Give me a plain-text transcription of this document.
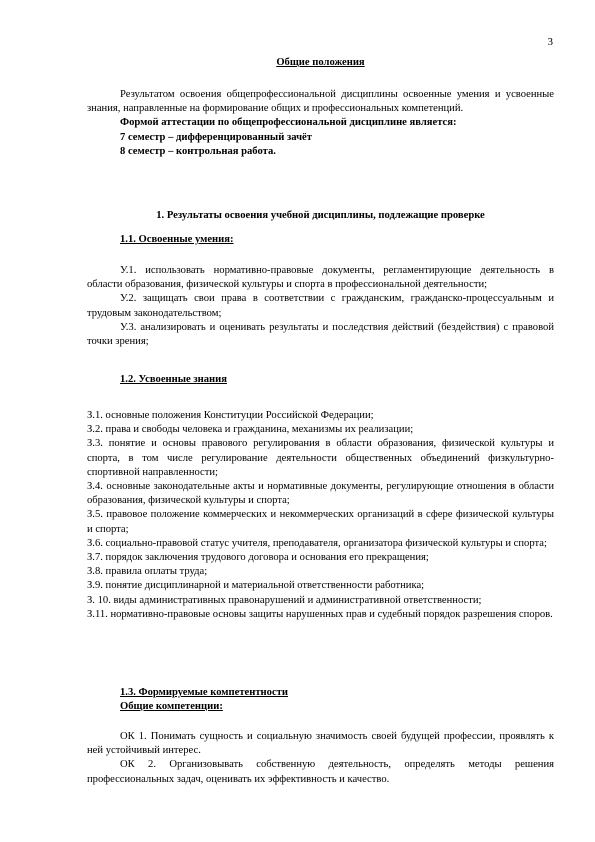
3
Общие положения

Результатом освоения общепрофессиональной дисциплины освоенные умения и усвоенные знания, направленные на формирование общих и профессиональных компетенций.

Формой аттестации по общепрофессиональной дисциплине является:

7 семестр – дифференцированный зачёт

8 семестр – контрольная работа.

1. Результаты освоения учебной дисциплины, подлежащие проверке
1.1. Освоенные умения:

У.1. использовать нормативно-правовые документы, регламентирующие деятельность в области образования, физической культуры и спорта в профессиональной деятельности;

У.2. защищать свои права в соответствии с гражданским, гражданско-процессуальным и трудовым законодательством;

У.3. анализировать и оценивать результаты и последствия действий (бездействия) с правовой точки зрения;

1.2. Усвоенные знания

З.1. основные положения Конституции Российской Федерации;

З.2. права и свободы человека и гражданина, механизмы их реализации;

З.3. понятие и основы правового регулирования в области образования, физической культуры и спорта, в том числе регулирование деятельности общественных объединений физкультурно-спортивной направленности;

З.4. основные законодательные акты и нормативные документы, регулирующие отношения в области образования, физической культуры и спорта;

З.5. правовое положение коммерческих и некоммерческих организаций в сфере физической культуры и спорта;

З.6. социально-правовой статус учителя, преподавателя, организатора физической культуры и спорта;

З.7. порядок заключения трудового договора и основания его прекращения;

З.8. правила оплаты труда;

З.9. понятие дисциплинарной и материальной ответственности работника;

З. 10. виды административных правонарушений и административной ответственности;

З.11. нормативно-правовые основы защиты нарушенных прав и судебный порядок разрешения споров.

1.3. Формируемые компетентности
Общие компетенции:

ОК 1. Понимать сущность и социальную значимость своей будущей профессии, проявлять к ней устойчивый интерес.

ОК 2. Организовывать собственную деятельность, определять методы решения профессиональных задач, оценивать их эффективность и качество.
